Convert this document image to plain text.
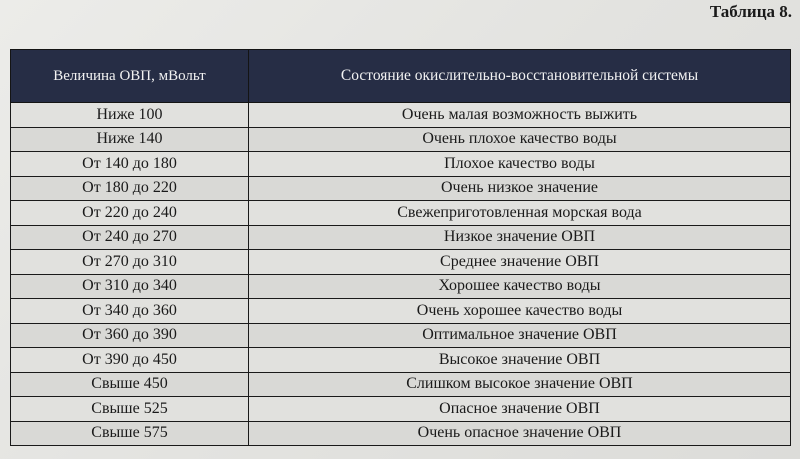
Таблица 8.
Величина ОВП, мВольт	Состояние окислительно-восстановительной системы
Ниже 100	Очень малая возможность выжить
Ниже 140	Очень плохое качество воды
От 140 до 180	Плохое качество воды
От 180 до 220	Очень низкое значение
От 220 до 240	Свежеприготовленная морская вода
От 240 до 270	Низкое значение ОВП
От 270 до 310	Среднее значение ОВП
От 310 до 340	Хорошее качество воды
От 340 до 360	Очень хорошее качество воды
От 360 до 390	Оптимальное значение ОВП
От 390 до 450	Высокое значение ОВП
Свыше 450	Слишком высокое значение ОВП
Свыше 525	Опасное значение ОВП
Свыше 575	Очень опасное значение ОВП
